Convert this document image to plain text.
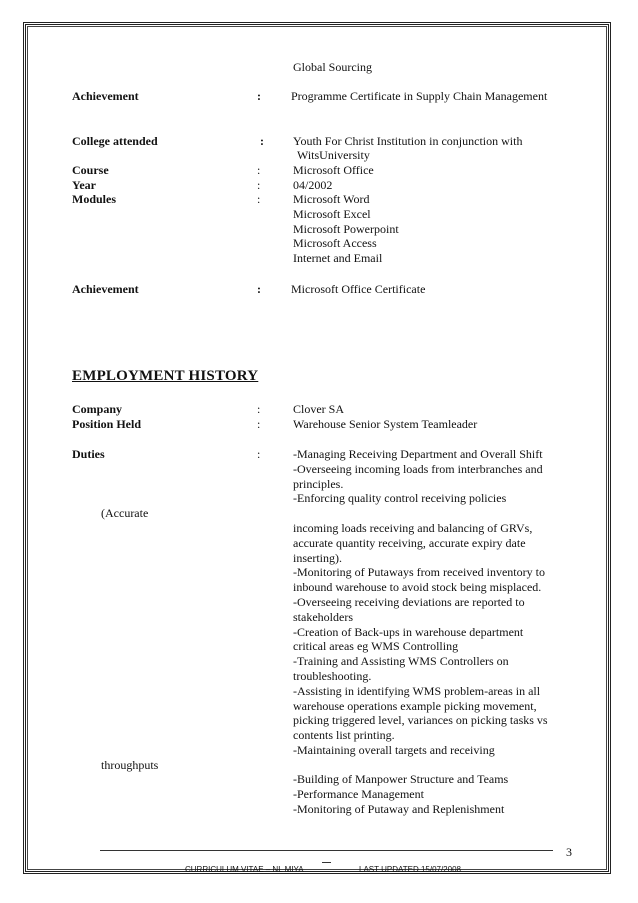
Global Sourcing
Achievement	:	Programme Certificate in Supply Chain Management
College attended	: Youth For Christ Institution in conjunction with
WitsUniversity
Course	:	Microsoft Office
Year	:	04/2002
Modules	:	Microsoft Word
Microsoft Excel
Microsoft Powerpoint
Microsoft Access
Internet and Email
Achievement	:	Microsoft Office Certificate
EMPLOYMENT HISTORY
Company	:	Clover SA
Position Held	:	Warehouse Senior System Teamleader
Duties	:	-Managing Receiving Department and Overall Shift
-Overseeing incoming loads from interbranches and
principles.
-Enforcing quality control receiving policies
(Accurate
incoming loads receiving and balancing of GRVs,
accurate quantity receiving, accurate expiry date
inserting).
-Monitoring of Putaways from received inventory to
inbound warehouse to avoid stock being misplaced.
-Overseeing receiving deviations are reported to
stakeholders
-Creation of Back-ups in warehouse department
critical areas eg WMS Controlling
-Training and Assisting WMS Controllers on
troubleshooting.
-Assisting in identifying WMS problem-areas in all
warehouse operations example picking movement,
picking triggered level, variances on picking tasks vs
contents list printing.
-Maintaining overall targets and receiving
throughputs
-Building of Manpower Structure and Teams
-Performance Management
-Monitoring of Putaway and Replenishment
3
CURRICULUM VITAE – NL MIYA	LAST UPDATED 15/07/2008
